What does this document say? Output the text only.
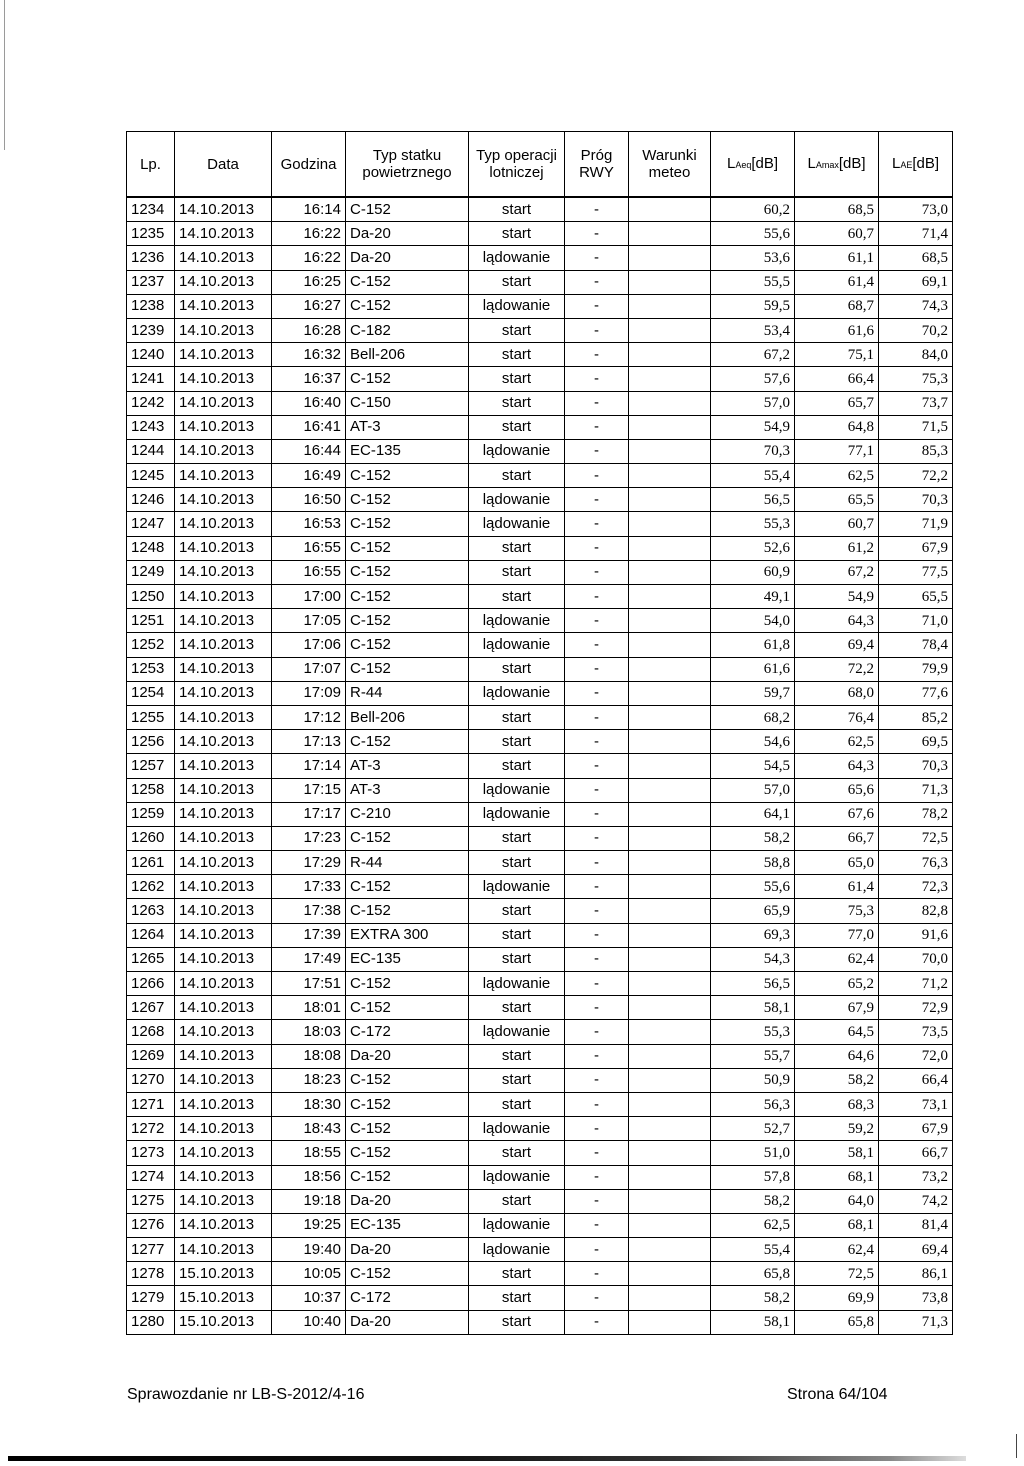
Lp.	Data	Godzina	Typ statku powietrznego	Typ operacji lotniczej	Próg RWY	Warunki meteo	LAeq[dB]	LAmax[dB]	LAE[dB]
1234	14.10.2013	16:14	C-152	start	-		60,2	68,5	73,0
1235	14.10.2013	16:22	Da-20	start	-		55,6	60,7	71,4
1236	14.10.2013	16:22	Da-20	lądowanie	-		53,6	61,1	68,5
1237	14.10.2013	16:25	C-152	start	-		55,5	61,4	69,1
1238	14.10.2013	16:27	C-152	lądowanie	-		59,5	68,7	74,3
1239	14.10.2013	16:28	C-182	start	-		53,4	61,6	70,2
1240	14.10.2013	16:32	Bell-206	start	-		67,2	75,1	84,0
1241	14.10.2013	16:37	C-152	start	-		57,6	66,4	75,3
1242	14.10.2013	16:40	C-150	start	-		57,0	65,7	73,7
1243	14.10.2013	16:41	AT-3	start	-		54,9	64,8	71,5
1244	14.10.2013	16:44	EC-135	lądowanie	-		70,3	77,1	85,3
1245	14.10.2013	16:49	C-152	start	-		55,4	62,5	72,2
1246	14.10.2013	16:50	C-152	lądowanie	-		56,5	65,5	70,3
1247	14.10.2013	16:53	C-152	lądowanie	-		55,3	60,7	71,9
1248	14.10.2013	16:55	C-152	start	-		52,6	61,2	67,9
1249	14.10.2013	16:55	C-152	start	-		60,9	67,2	77,5
1250	14.10.2013	17:00	C-152	start	-		49,1	54,9	65,5
1251	14.10.2013	17:05	C-152	lądowanie	-		54,0	64,3	71,0
1252	14.10.2013	17:06	C-152	lądowanie	-		61,8	69,4	78,4
1253	14.10.2013	17:07	C-152	start	-		61,6	72,2	79,9
1254	14.10.2013	17:09	R-44	lądowanie	-		59,7	68,0	77,6
1255	14.10.2013	17:12	Bell-206	start	-		68,2	76,4	85,2
1256	14.10.2013	17:13	C-152	start	-		54,6	62,5	69,5
1257	14.10.2013	17:14	AT-3	start	-		54,5	64,3	70,3
1258	14.10.2013	17:15	AT-3	lądowanie	-		57,0	65,6	71,3
1259	14.10.2013	17:17	C-210	lądowanie	-		64,1	67,6	78,2
1260	14.10.2013	17:23	C-152	start	-		58,2	66,7	72,5
1261	14.10.2013	17:29	R-44	start	-		58,8	65,0	76,3
1262	14.10.2013	17:33	C-152	lądowanie	-		55,6	61,4	72,3
1263	14.10.2013	17:38	C-152	start	-		65,9	75,3	82,8
1264	14.10.2013	17:39	EXTRA 300	start	-		69,3	77,0	91,6
1265	14.10.2013	17:49	EC-135	start	-		54,3	62,4	70,0
1266	14.10.2013	17:51	C-152	lądowanie	-		56,5	65,2	71,2
1267	14.10.2013	18:01	C-152	start	-		58,1	67,9	72,9
1268	14.10.2013	18:03	C-172	lądowanie	-		55,3	64,5	73,5
1269	14.10.2013	18:08	Da-20	start	-		55,7	64,6	72,0
1270	14.10.2013	18:23	C-152	start	-		50,9	58,2	66,4
1271	14.10.2013	18:30	C-152	start	-		56,3	68,3	73,1
1272	14.10.2013	18:43	C-152	lądowanie	-		52,7	59,2	67,9
1273	14.10.2013	18:55	C-152	start	-		51,0	58,1	66,7
1274	14.10.2013	18:56	C-152	lądowanie	-		57,8	68,1	73,2
1275	14.10.2013	19:18	Da-20	start	-		58,2	64,0	74,2
1276	14.10.2013	19:25	EC-135	lądowanie	-		62,5	68,1	81,4
1277	14.10.2013	19:40	Da-20	lądowanie	-		55,4	62,4	69,4
1278	15.10.2013	10:05	C-152	start	-		65,8	72,5	86,1
1279	15.10.2013	10:37	C-172	start	-		58,2	69,9	73,8
1280	15.10.2013	10:40	Da-20	start	-		58,1	65,8	71,3
Sprawozdanie nr LB-S-2012/4-16	Strona 64/104
